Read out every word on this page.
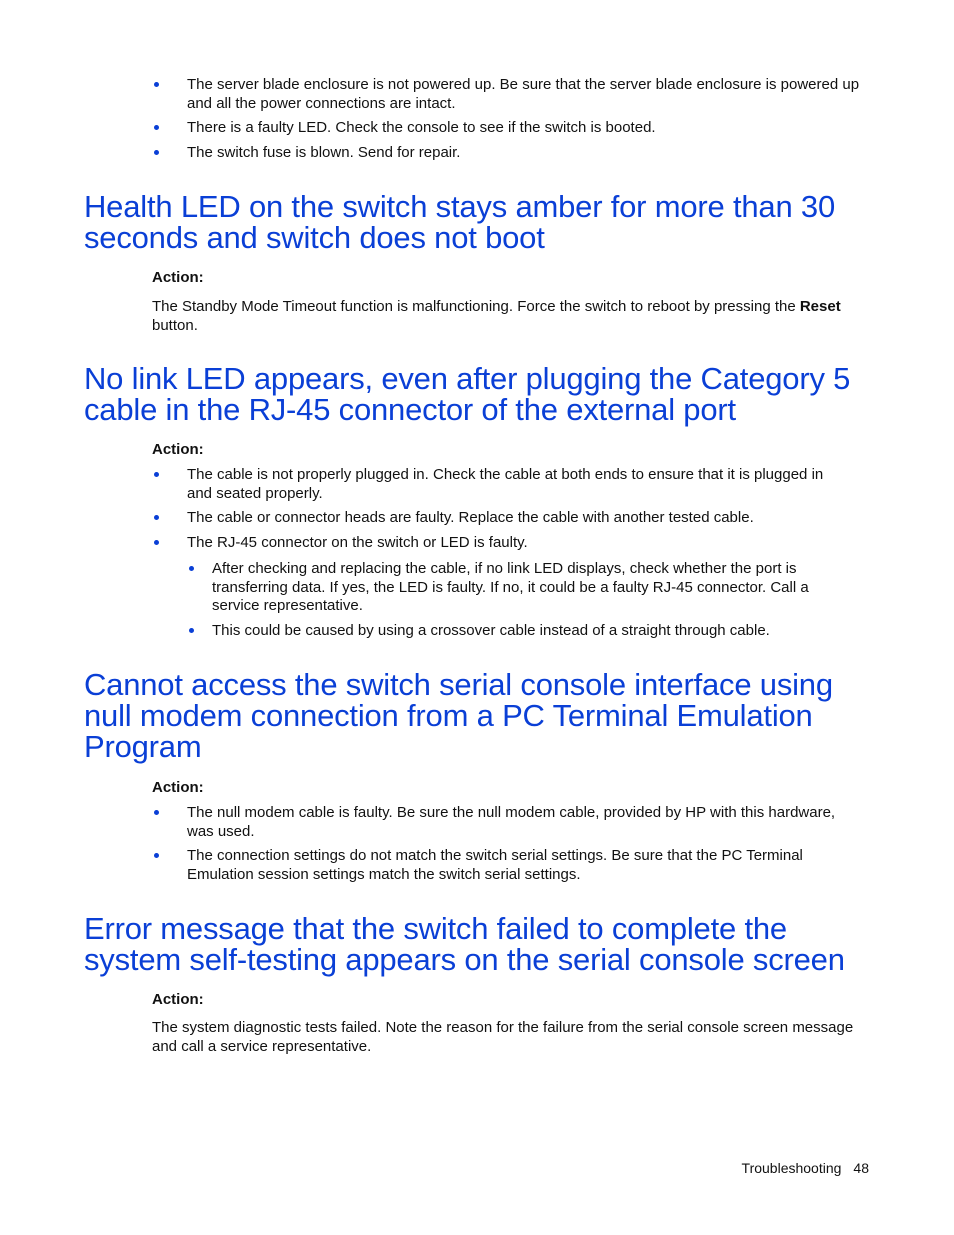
The server blade enclosure is not powered up. Be sure that the server blade enclosure is powered up and all the power connections are intact.
There is a faulty LED. Check the console to see if the switch is booted.
The switch fuse is blown. Send for repair.
Health LED on the switch stays amber for more than 30 seconds and switch does not boot
Action:
The Standby Mode Timeout function is malfunctioning. Force the switch to reboot by pressing the Reset button.
No link LED appears, even after plugging the Category 5 cable in the RJ-45 connector of the external port
Action:
The cable is not properly plugged in. Check the cable at both ends to ensure that it is plugged in and seated properly.
The cable or connector heads are faulty. Replace the cable with another tested cable.
The RJ-45 connector on the switch or LED is faulty.
After checking and replacing the cable, if no link LED displays, check whether the port is transferring data. If yes, the LED is faulty. If no, it could be a faulty RJ-45 connector. Call a service representative.
This could be caused by using a crossover cable instead of a straight through cable.
Cannot access the switch serial console interface using null modem connection from a PC Terminal Emulation Program
Action:
The null modem cable is faulty. Be sure the null modem cable, provided by HP with this hardware, was used.
The connection settings do not match the switch serial settings. Be sure that the PC Terminal Emulation session settings match the switch serial settings.
Error message that the switch failed to complete the system self-testing appears on the serial console screen
Action:
The system diagnostic tests failed. Note the reason for the failure from the serial console screen message and call a service representative.
Troubleshooting 48
